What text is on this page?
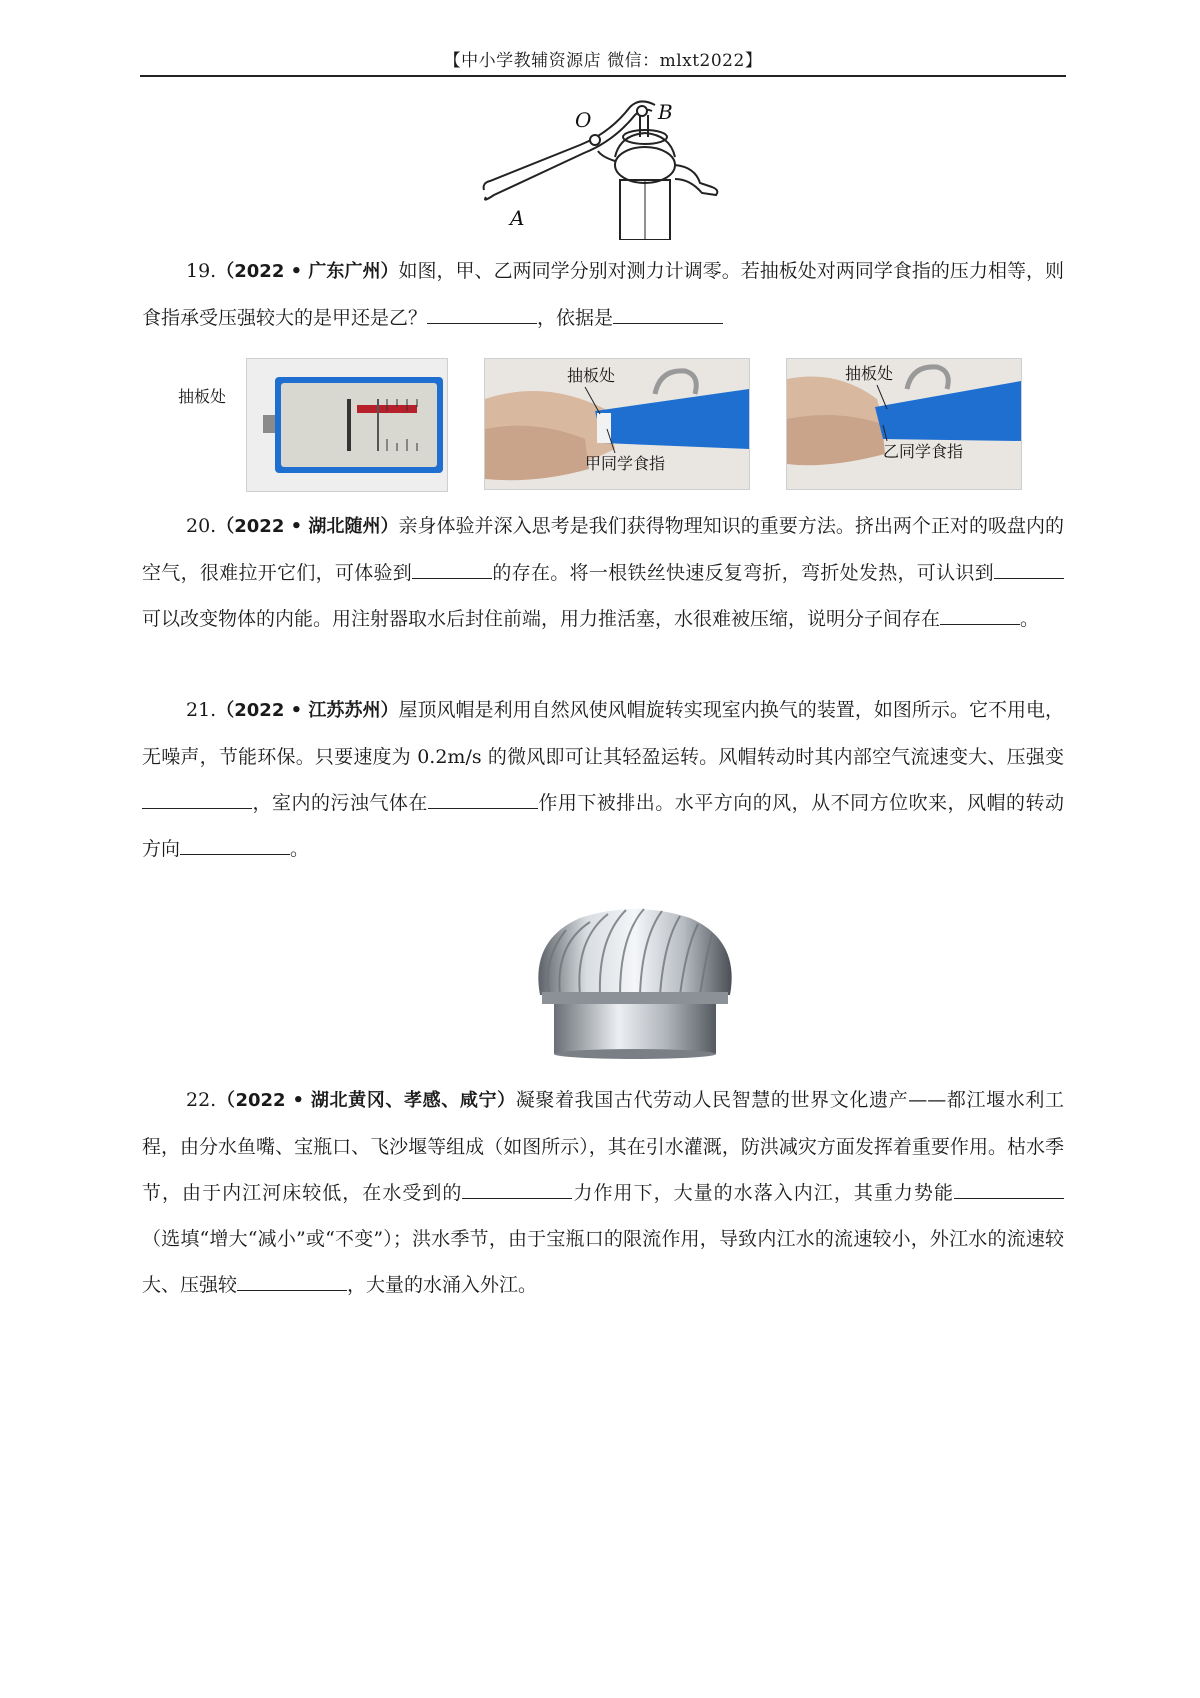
【中小学教辅资源店 微信：mlxt2022】
O	B
A
19.（2022 • 广东广州）如图，甲、乙两同学分别对测力计调零。若抽板处对两同学食指的压力相等，则食指承受压强较大的是甲还是乙？	，依据是
抽板处
抽板处
甲同学食指
抽板处
乙同学食指
20.（2022 • 湖北随州）亲身体验并深入思考是我们获得物理知识的重要方法。挤出两个正对的吸盘内的空气，很难拉开它们，可体验到	的存在。将一根铁丝快速反复弯折，弯折处发热，可认识到可以改变物体的内能。用注射器取水后封住前端，用力推活塞，水很难被压缩，说明分子间存在	。
21.（2022 • 江苏苏州）屋顶风帽是利用自然风使风帽旋转实现室内换气的装置，如图所示。它不用电，无噪声，节能环保。只要速度为 0.2m/s 的微风即可让其轻盈运转。风帽转动时其内部空气流速变大、压强变，室内的污浊气体在	作用下被排出。水平方向的风，从不同方位吹来，风帽的转动方向	。
22.（2022 • 湖北黄冈、孝感、咸宁）凝聚着我国古代劳动人民智慧的世界文化遗产——都江堰水利工程，由分水鱼嘴、宝瓶口、飞沙堰等组成（如图所示），其在引水灌溉，防洪减灾方面发挥着重要作用。枯水季节，由于内江河床较低，在水受到的	力作用下，大量的水落入内江，其重力势能（选填“增大“减小”或“不变”）；洪水季节，由于宝瓶口的限流作用，导致内江水的流速较小，外江水的流速较大、压强较	，大量的水涌入外江。
